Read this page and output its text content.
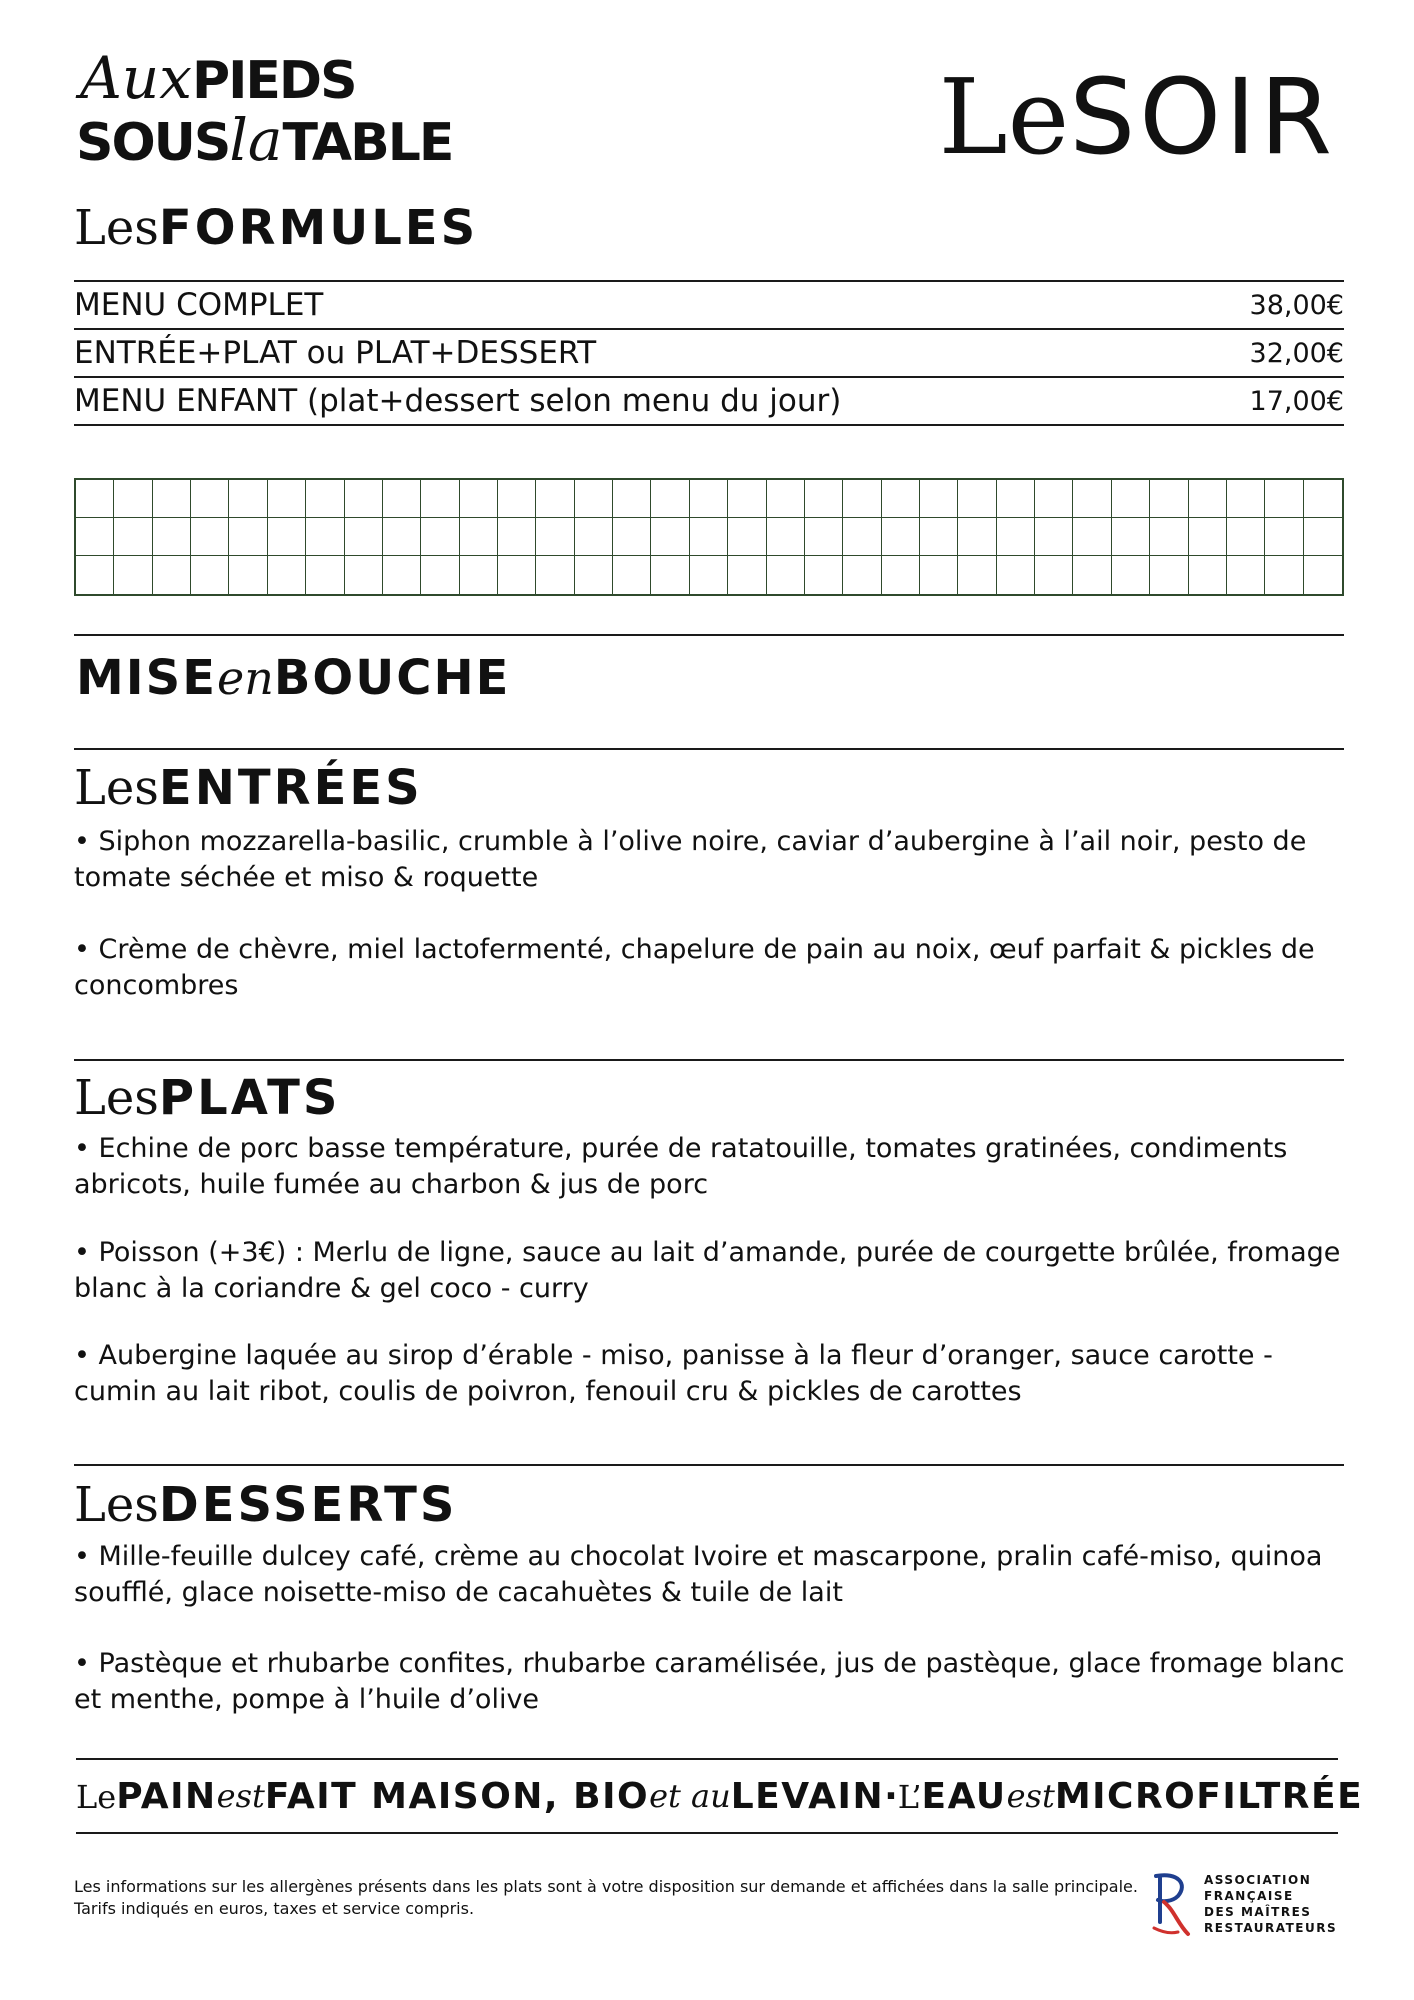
AuxPIEDS
SOUSlaTABLE	LeSOIR
LesFORMULES
MENU COMPLET	38,00€
ENTRÉE+PLAT ou PLAT+DESSERT	32,00€
MENU ENFANT (plat+dessert selon menu du jour)	17,00€
MISEenBOUCHE
LesENTRÉES
• Siphon mozzarella-basilic, crumble à l’olive noire, caviar d’aubergine à l’ail noir, pesto de tomate séchée et miso & roquette
• Crème de chèvre, miel lactofermenté, chapelure de pain au noix, œuf parfait & pickles de concombres
LesPLATS
• Echine de porc basse température, purée de ratatouille, tomates gratinées, condiments abricots, huile fumée au charbon & jus de porc
• Poisson (+3€) : Merlu de ligne, sauce au lait d’amande, purée de courgette brûlée, fromage blanc à la coriandre & gel coco - curry
• Aubergine laquée au sirop d’érable - miso, panisse à la fleur d’oranger, sauce carotte - cumin au lait ribot, coulis de poivron, fenouil cru & pickles de carottes
LesDESSERTS
• Mille-feuille dulcey café, crème au chocolat Ivoire et mascarpone, pralin café-miso, quinoa soufflé, glace noisette-miso de cacahuètes & tuile de lait
• Pastèque et rhubarbe confites, rhubarbe caramélisée, jus de pastèque, glace fromage blanc et menthe, pompe à l’huile d’olive
LePAIN est FAIT MAISON, BIO et au LEVAIN · L’EAU est MICROFILTRÉE
Les informations sur les allergènes présents dans les plats sont à votre disposition sur demande et affichées dans la salle principale.
Tarifs indiqués en euros, taxes et service compris.
ASSOCIATION
FRANÇAISE
DES MAÎTRES
RESTAURATEURS
